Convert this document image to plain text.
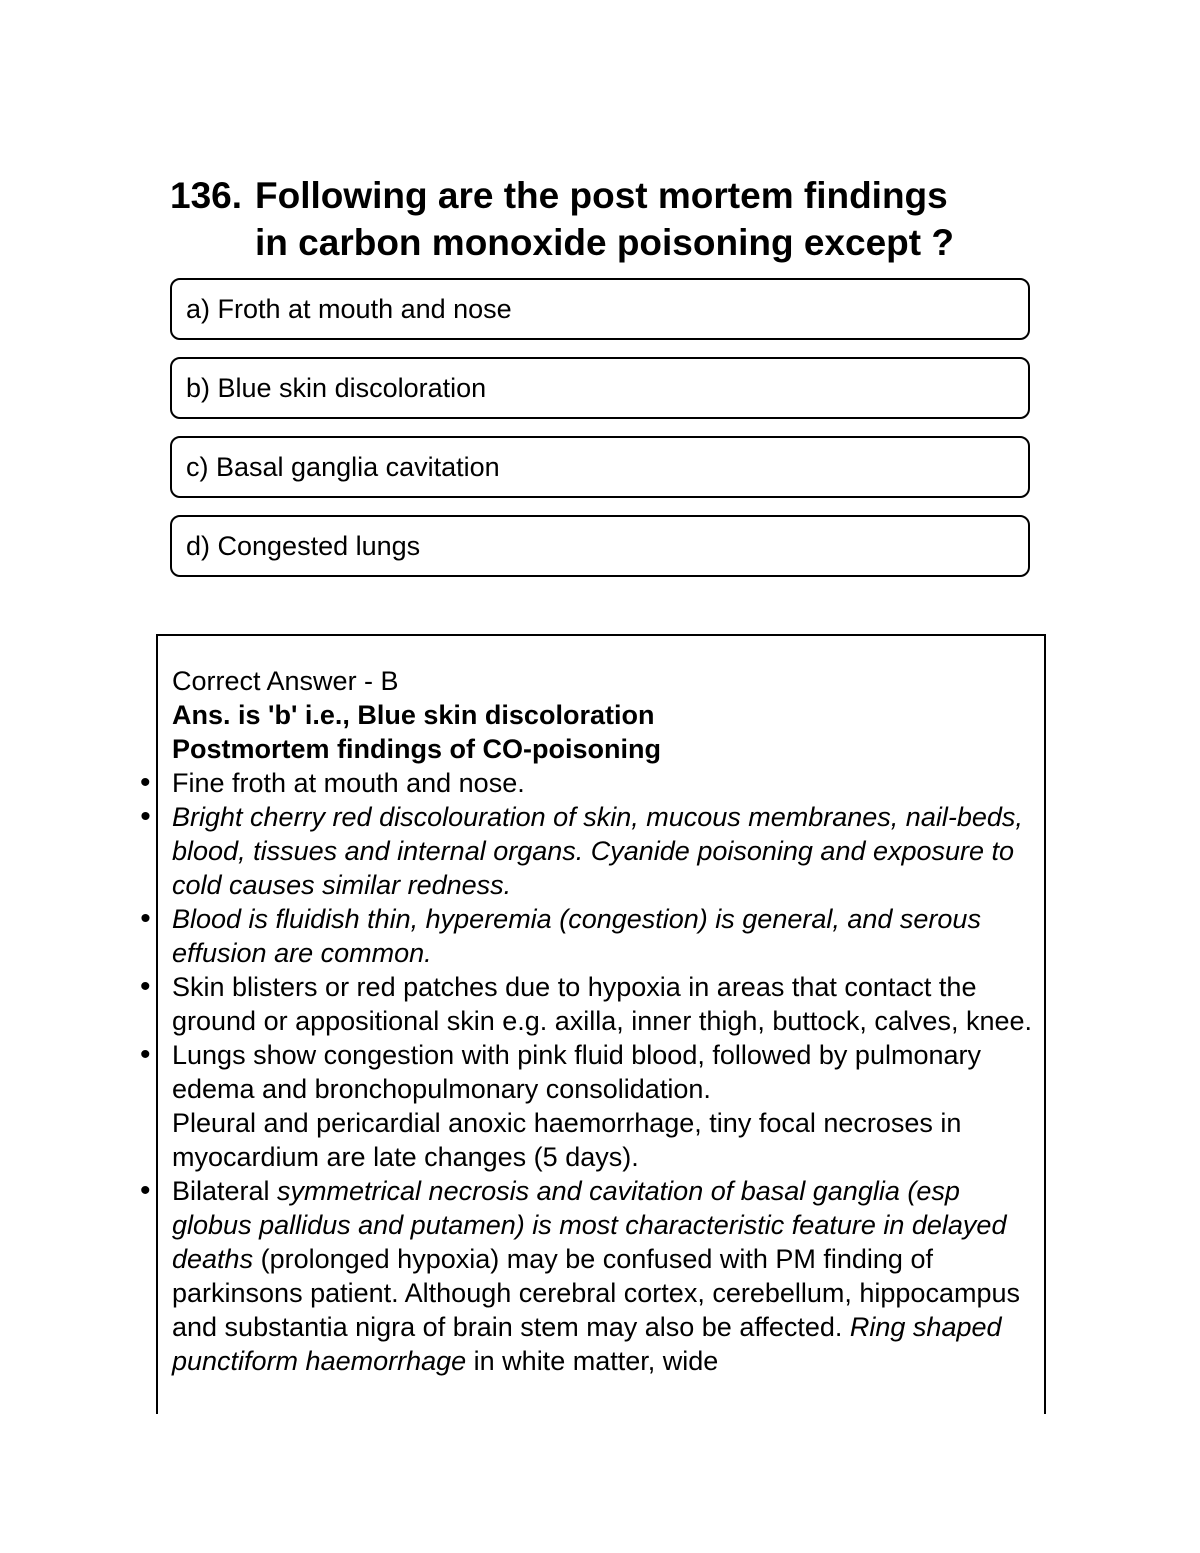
136. Following are the post mortem findings
in carbon monoxide poisoning except ?
a) Froth at mouth and nose
b) Blue skin discoloration
c) Basal ganglia cavitation
d) Congested lungs

Correct Answer - B

Ans. is 'b' i.e., Blue skin discoloration

Postmortem findings of CO-poisoning

• Fine froth at mouth and nose.
• Bright cherry red discolouration of skin, mucous membranes, nail-beds, blood, tissues and internal organs. Cyanide poisoning and exposure to cold causes similar redness.
• Blood is fluidish thin, hyperemia (congestion) is general, and serous effusion are common.
• Skin blisters or red patches due to hypoxia in areas that contact the ground or appositional skin e.g. axilla, inner thigh, buttock, calves, knee.
• Lungs show congestion with pink fluid blood, followed by pulmonary edema and bronchopulmonary consolidation.
Pleural and pericardial anoxic haemorrhage, tiny focal necroses in myocardium are late changes (5 days).
• Bilateral symmetrical necrosis and cavitation of basal ganglia (esp globus pallidus and putamen) is most characteristic feature in delayed deaths (prolonged hypoxia) may be confused with PM finding of parkinsons patient. Although cerebral cortex, cerebellum, hippocampus and substantia nigra of brain stem may also be affected. Ring shaped punctiform haemorrhage in white matter, wide
